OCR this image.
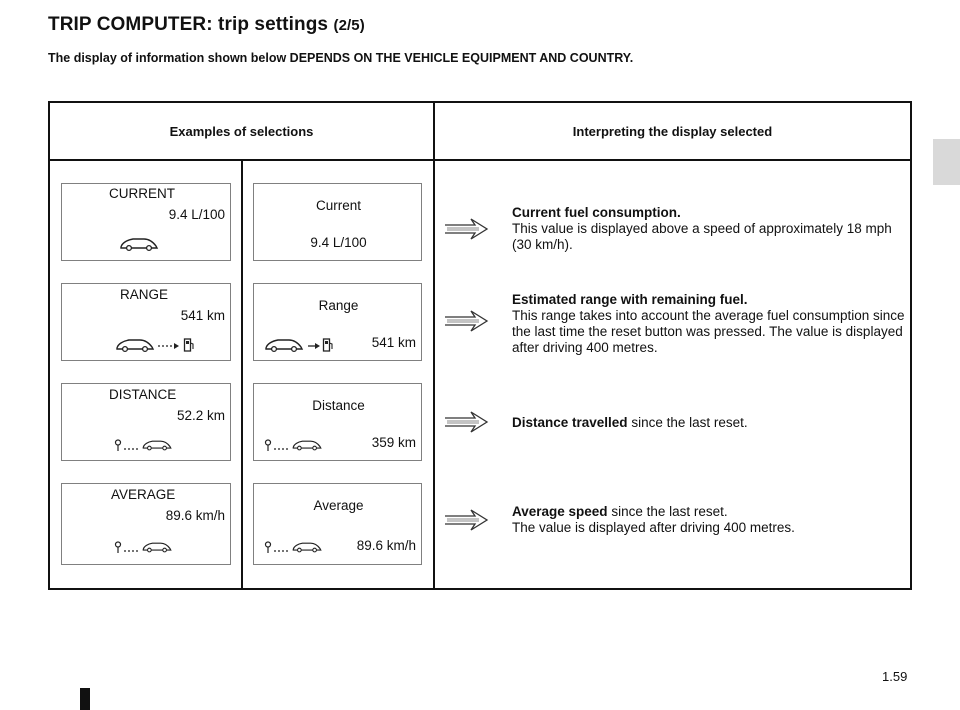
TRIP COMPUTER: trip settings (2/5)

The display of information shown below DEPENDS ON THE VEHICLE EQUIPMENT AND COUNTRY.

Examples of selections	Interpreting the display selected
CURRENT
9.4 L/100
Current
9.4 L/100
Current fuel consumption.
This value is displayed above a speed of approximately 18 mph (30 km/h).
RANGE
541 km
Range
541 km
Estimated range with remaining fuel.
This range takes into account the average fuel consumption since the last time the reset button was pressed. The value is displayed after driving 400 metres.
DISTANCE
52.2 km
Distance
359 km
Distance travelled since the last reset.
AVERAGE
89.6 km/h
Average
89.6 km/h
Average speed since the last reset.
The value is displayed after driving 400 metres.
1.59
